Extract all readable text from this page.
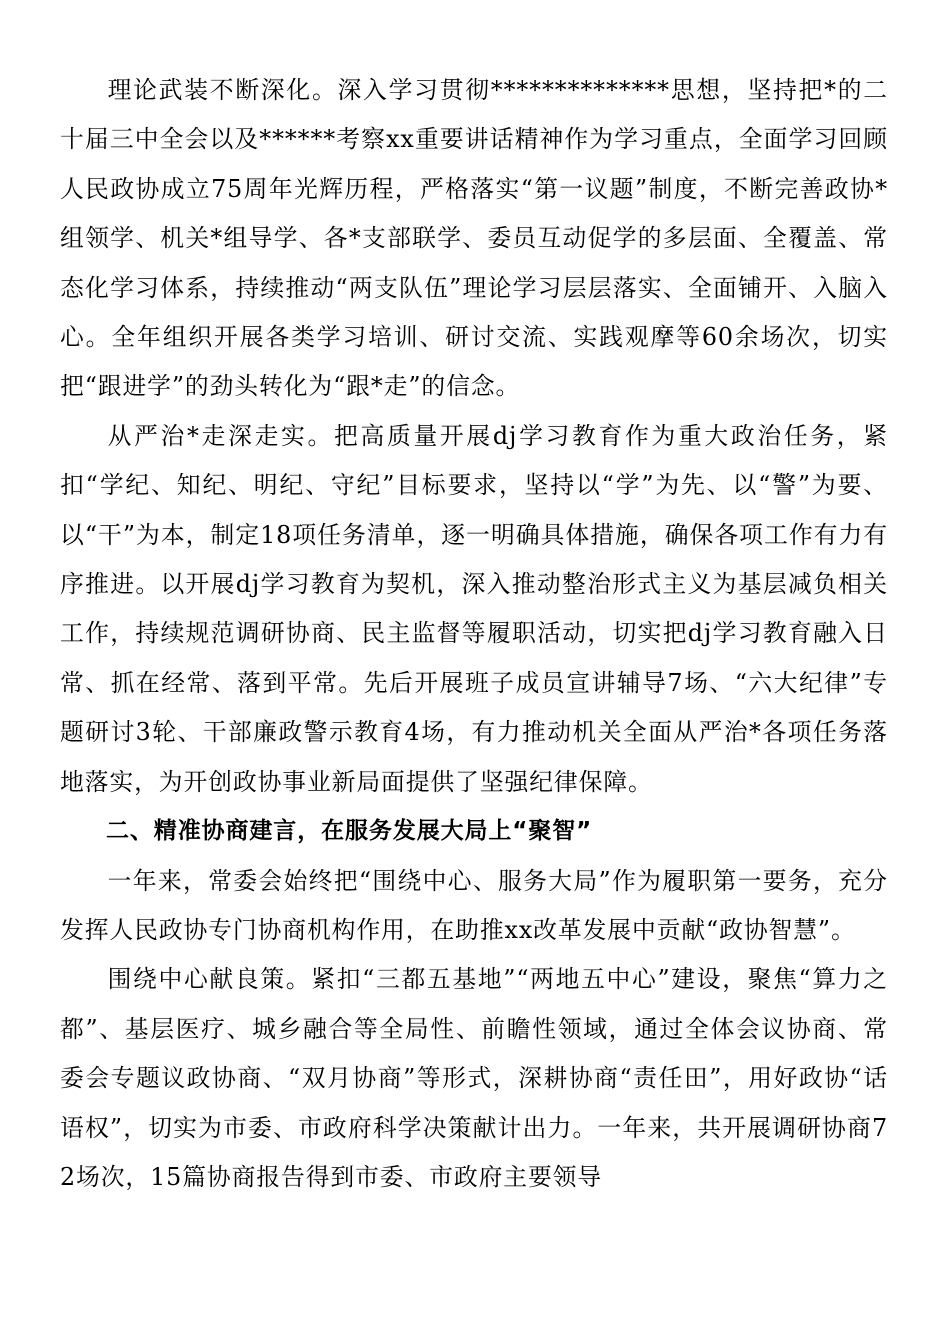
理论武装不断深化。深入学习贯彻**************思想，坚持把*的二十届三中全会以及******考察xx重要讲话精神作为学习重点，全面学习回顾人民政协成立75周年光辉历程，严格落实“第一议题”制度，不断完善政协*组领学、机关*组导学、各*支部联学、委员互动促学的多层面、全覆盖、常态化学习体系，持续推动“两支队伍”理论学习层层落实、全面铺开、入脑入心。全年组织开展各类学习培训、研讨交流、实践观摩等60余场次，切实把“跟进学”的劲头转化为“跟*走”的信念。

从严治*走深走实。把高质量开展dj学习教育作为重大政治任务，紧扣“学纪、知纪、明纪、守纪”目标要求，坚持以“学”为先、以“警”为要、以“干”为本，制定18项任务清单，逐一明确具体措施，确保各项工作有力有序推进。以开展dj学习教育为契机，深入推动整治形式主义为基层减负相关工作，持续规范调研协商、民主监督等履职活动，切实把dj学习教育融入日常、抓在经常、落到平常。先后开展班子成员宣讲辅导7场、“六大纪律”专题研讨3轮、干部廉政警示教育4场，有力推动机关全面从严治*各项任务落地落实，为开创政协事业新局面提供了坚强纪律保障。

二、精准协商建言，在服务发展大局上“聚智”

一年来，常委会始终把“围绕中心、服务大局”作为履职第一要务，充分发挥人民政协专门协商机构作用，在助推xx改革发展中贡献“政协智慧”。

围绕中心献良策。紧扣“三都五基地”“两地五中心”建设，聚焦“算力之都”、基层医疗、城乡融合等全局性、前瞻性领域，通过全体会议协商、常委会专题议政协商、“双月协商”等形式，深耕协商“责任田”，用好政协“话语权”，切实为市委、市政府科学决策献计出力。一年来，共开展调研协商72场次，15篇协商报告得到市委、市政府主要领导
